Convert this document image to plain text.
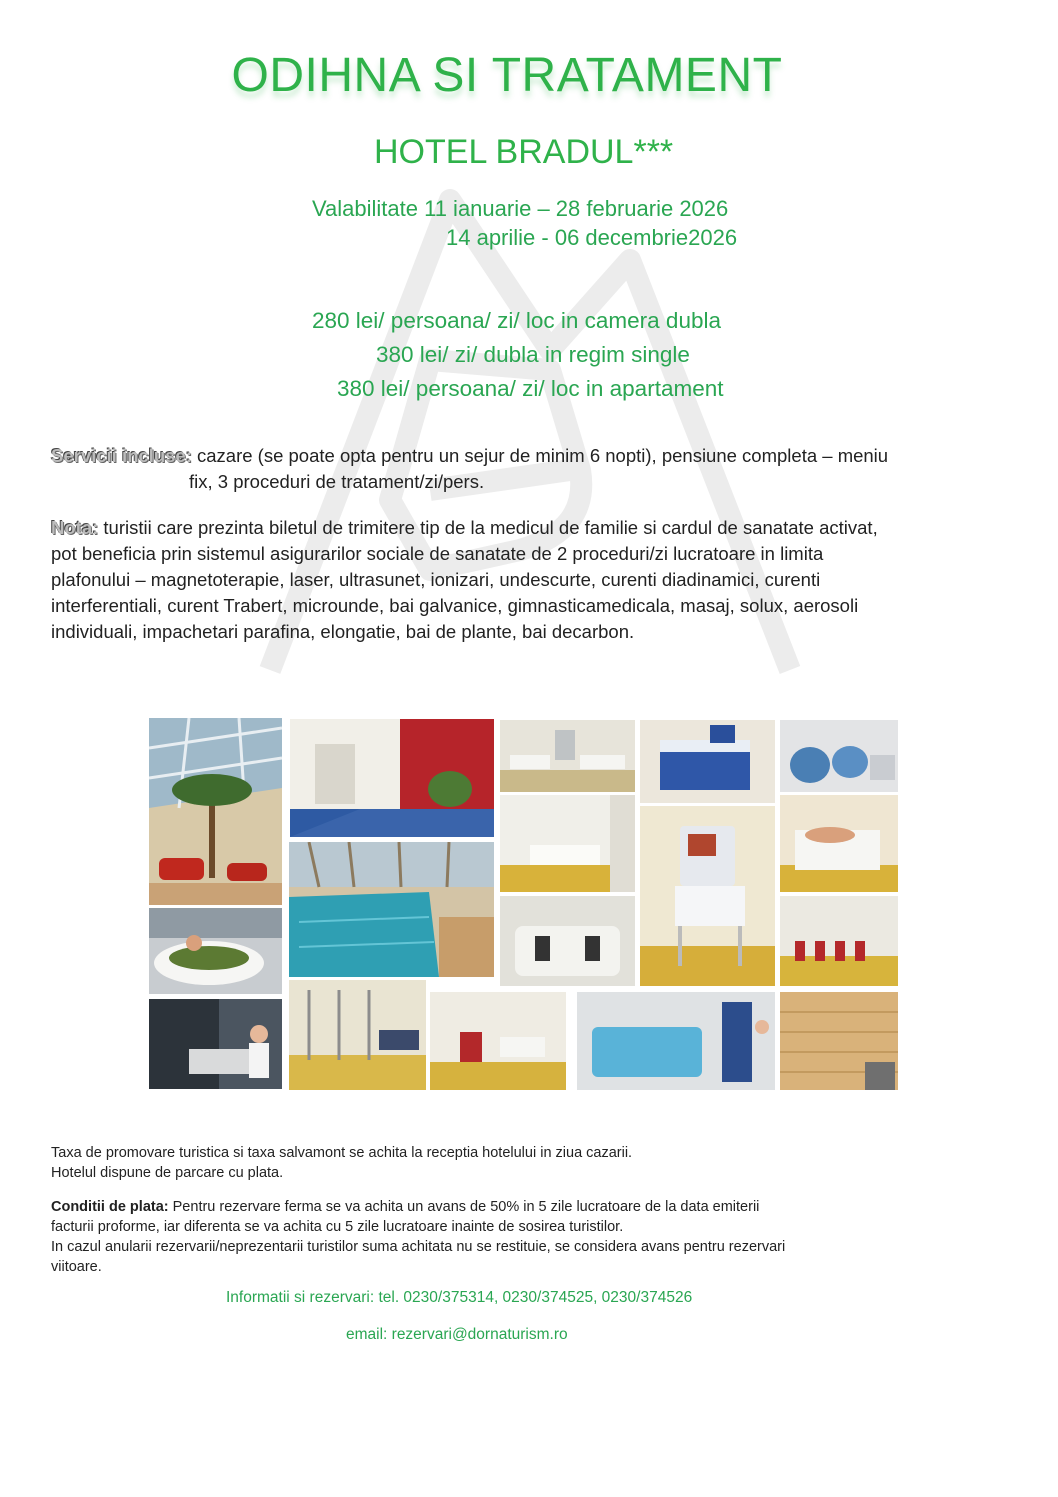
ODIHNA SI TRATAMENT
HOTEL BRADUL***
Valabilitate 11 ianuarie – 28 februarie 2026
14 aprilie - 06 decembrie2026
280 lei/ persoana/ zi/ loc in camera dubla
380 lei/ zi/ dubla in regim single
380 lei/ persoana/ zi/ loc in apartament
Servicii incluse: cazare (se poate opta pentru un sejur de minim 6 nopti), pensiune completa – meniu
fix, 3 proceduri de tratament/zi/pers.
Nota: turistii care prezinta biletul de trimitere tip de la medicul de familie si cardul de sanatate activat,
pot beneficia prin sistemul asigurarilor sociale de sanatate de 2 proceduri/zi lucratoare in limita
plafonului – magnetoterapie, laser, ultrasunet, ionizari, undescurte, curenti diadinamici, curenti
interferentiali, curent Trabert, microunde, bai galvanice, gimnasticamedicala, masaj, solux, aerosoli
individuali, impachetari parafina, elongatie, bai de plante, bai decarbon.
Taxa de promovare turistica si taxa salvamont se achita la receptia hotelului in ziua cazarii.
Hotelul dispune de parcare cu plata.
Conditii de plata: Pentru rezervare ferma se va achita un avans de 50% in 5 zile lucratoare de la data emiterii
facturii proforme, iar diferenta se va achita cu 5 zile lucratoare inainte de sosirea turistilor.
In cazul anularii rezervarii/neprezentarii turistilor suma achitata nu se restituie, se considera avans pentru rezervari
viitoare.
Informatii si rezervari: tel. 0230/375314, 0230/374525, 0230/374526
email: rezervari@dornaturism.ro
